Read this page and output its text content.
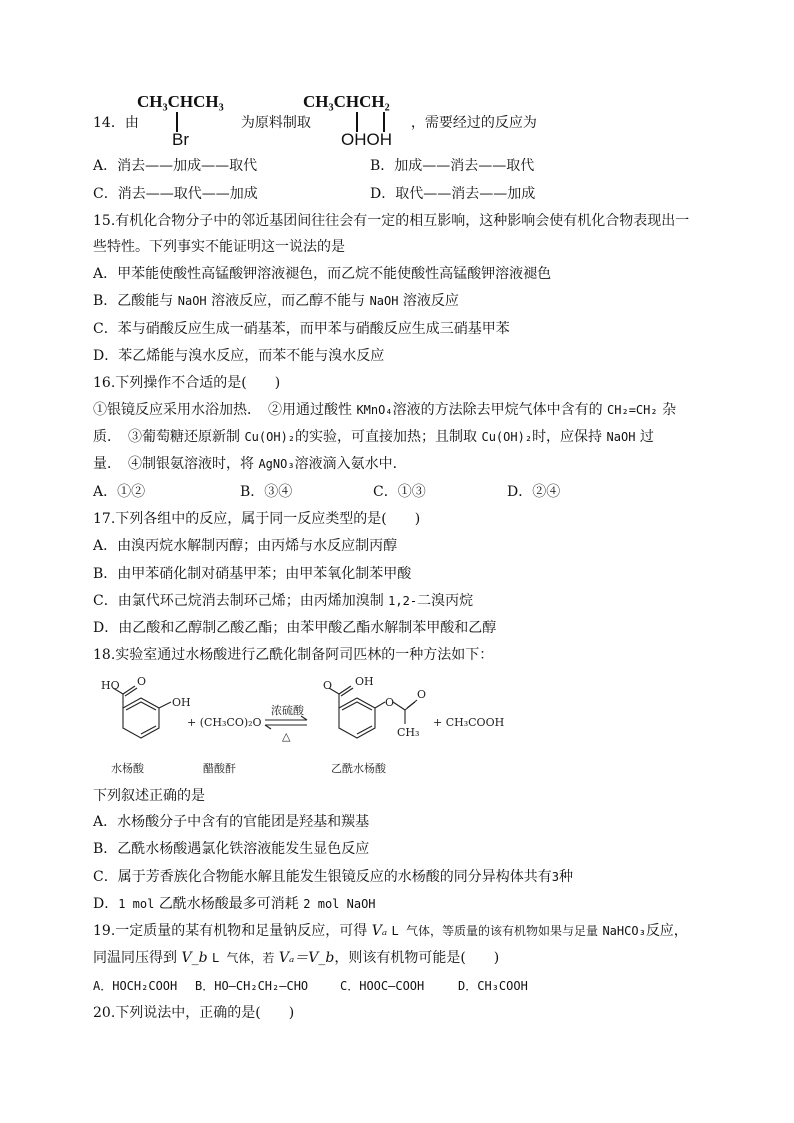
CH₃CHCH₃
Br
CH₃CHCH₂
OHOH
14．由	为原料制取	，需要经过的反应为
A．消去——加成——取代	B．加成——消去——取代
C．消去——取代——加成	D．取代——消去——加成
15.有机化合物分子中的邻近基团间往往会有一定的相互影响，这种影响会使有机化合物表现出一
些特性。下列事实不能证明这一说法的是
A．甲苯能使酸性高锰酸钾溶液褪色，而乙烷不能使酸性高锰酸钾溶液褪色
B．乙酸能与 NaOH 溶液反应，而乙醇不能与 NaOH 溶液反应
C．苯与硝酸反应生成一硝基苯，而甲苯与硝酸反应生成三硝基甲苯
D．苯乙烯能与溴水反应，而苯不能与溴水反应
16.下列操作不合适的是(　　)
①银镜反应采用水浴加热．　②用通过酸性 KMnO₄溶液的方法除去甲烷气体中含有的 CH₂=CH₂ 杂
质．　③葡萄糖还原新制 Cu(OH)₂的实验，可直接加热；且制取 Cu(OH)₂时，应保持 NaOH 过
量．　④制银氨溶液时，将 AgNO₃溶液滴入氨水中．
A．①②	B．③④	C．①③	D．②④
17.下列各组中的反应，属于同一反应类型的是(　　)
A．由溴丙烷水解制丙醇；由丙烯与水反应制丙醇
B．由甲苯硝化制对硝基甲苯；由甲苯氧化制苯甲酸
C．由氯代环己烷消去制环己烯；由丙烯加溴制 1,2-二溴丙烷
D．由乙酸和乙醇制乙酸乙酯；由苯甲酸乙酯水解制苯甲酸和乙醇
18.实验室通过水杨酸进行乙酰化制备阿司匹林的一种方法如下：
HO O
OH
+ (CH₃CO)₂O
浓硫酸
△
O OH
O
O
CH₃
+ CH₃COOH
水杨酸	醋酸酐	乙酰水杨酸
下列叙述正确的是
A．水杨酸分子中含有的官能团是羟基和羰基
B．乙酰水杨酸遇氯化铁溶液能发生显色反应
C．属于芳香族化合物能水解且能发生银镜反应的水杨酸的同分异构体共有3种
D．1 mol 乙酰水杨酸最多可消耗 2 mol NaOH
19.一定质量的某有机物和足量钠反应，可得 Vₐ L 气体，等质量的该有机物如果与足量 NaHCO₃反应，
同温同压得到 V_b L 气体，若 Vₐ＝V_b，则该有机物可能是(　　)
A．HOCH₂COOH B．HO—CH₂CH₂—CHO	C．HOOC—COOH	D．CH₃COOH
20.下列说法中，正确的是(　　)
